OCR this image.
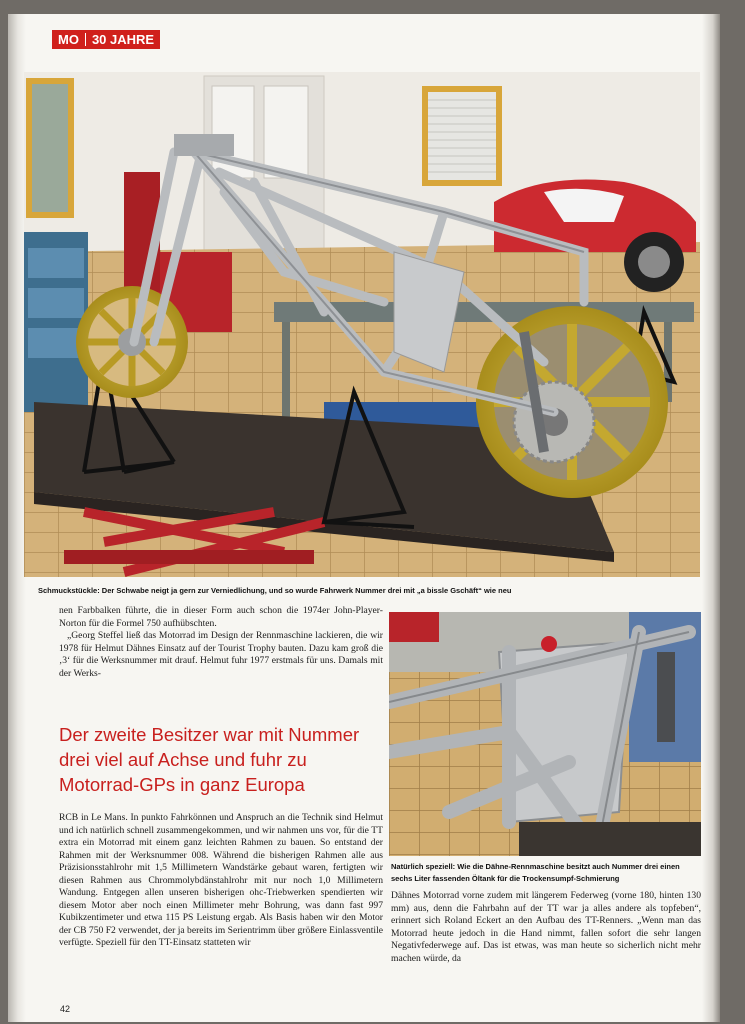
MO 30 JAHRE
Schmuckstückle: Der Schwabe neigt ja gern zur Verniedlichung, und so wurde Fahrwerk Nummer drei mit „a bissle Gschäft“ wie neu

nen Farbbalken führte, die in dieser Form auch schon die 1974er John-Player-Norton für die Formel 750 aufhübschten.

„Georg Steffel ließ das Motorrad im Design der Rennmaschine lackieren, die wir 1978 für Helmut Dähnes Einsatz auf der Tourist Trophy bauten. Dazu kam groß die ‚3‘ für die Werksnummer mit drauf. Helmut fuhr 1977 erstmals für uns. Damals mit der Werks-

Der zweite Besitzer war mit Nummer drei viel auf Achse und fuhr zu Motorrad-GPs in ganz Europa

RCB in Le Mans. In punkto Fahrkönnen und Anspruch an die Technik sind Helmut und ich natürlich schnell zusammengekommen, und wir nahmen uns vor, für die TT extra ein Motorrad mit einem ganz leichten Rahmen zu bauen. So entstand der Rahmen mit der Werksnummer 008. Während die bisherigen Rahmen alle aus Präzisionsstahlrohr mit 1,5 Millimetern Wandstärke gebaut waren, fertigten wir diesen Rahmen aus Chrommolybdänstahlrohr mit nur noch 1,0 Millimetern Wandung. Entgegen allen unseren bisherigen ohc-Triebwerken spendierten wir diesem Motor aber noch einen Millimeter mehr Bohrung, was dann fast 997 Kubikzentimeter und etwa 115 PS Leistung ergab. Als Basis haben wir den Motor der CB 750 F2 verwendet, der ja bereits im Serientrimm über größere Einlassventile verfügte. Speziell für den TT-Einsatz statteten wir

Natürlich speziell: Wie die Dähne-Rennmaschine besitzt auch Nummer drei einen sechs Liter fassenden Öltank für die Trockensumpf-Schmierung

Dähnes Motorrad vorne zudem mit längerem Federweg (vorne 180, hinten 130 mm) aus, denn die Fahrbahn auf der TT war ja alles andere als topfeben“, erinnert sich Roland Eckert an den Aufbau des TT-Renners. „Wenn man das Motorrad heute jedoch in die Hand nimmt, fallen sofort die sehr langen Negativfederwege auf. Das ist etwas, was man heute so sicherlich nicht mehr machen würde, da

42
